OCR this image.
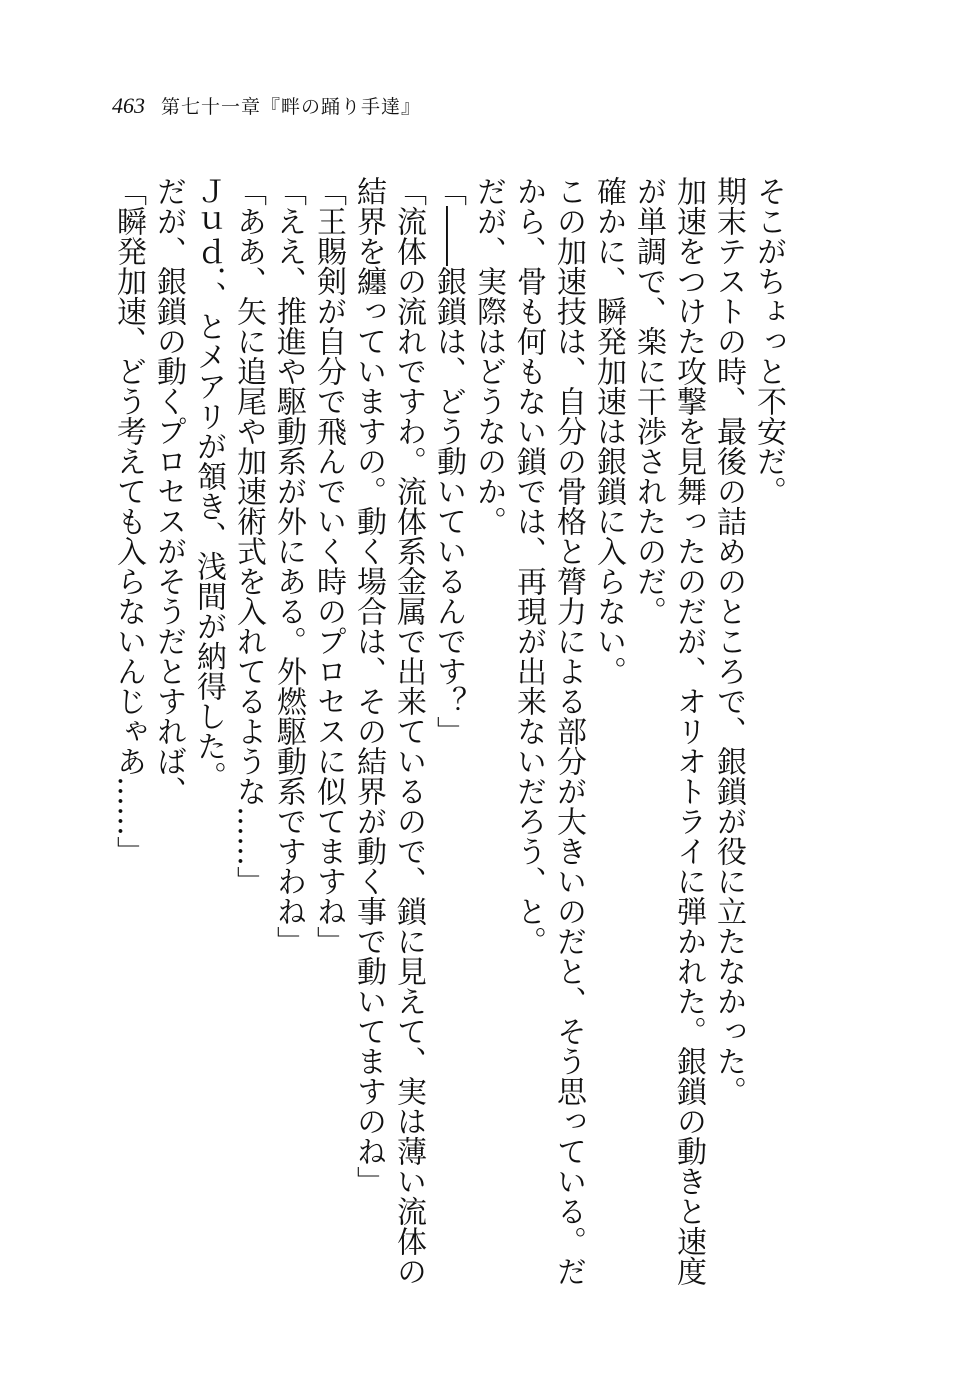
463 第七十一章『畔の踊り手達』

そこがちょっと不安だ。

期末テストの時、最後の詰めのところで、銀鎖が役に立たなかった。

加速をつけた攻撃を見舞ったのだが、オリオトライに弾かれた。銀鎖の動きと速度が単調で、楽に干渉されたのだ。

確かに、瞬発加速は銀鎖に入らない。

この加速技は、自分の骨格と膂力による部分が大きいのだと、そう思っている。だから、骨も何もない鎖では、再現が出来ないだろう、と。

だが、実際はどうなのか。

「――銀鎖は、どう動いているんです？」

「流体の流れですわ。流体系金属で出来ているので、鎖に見えて、実は薄い流体の結界を纏っていますの。動く場合は、その結界が動く事で動いてますのね」

「王賜剣が自分で飛んでいく時のプロセスに似てますね」

「ええ、推進や駆動系が外にある。外燃駆動系ですわね」

「ああ、矢に追尾や加速術式を入れてるような……」

Ｊｕｄ．、とメアリが頷き、浅間が納得した。

だが、銀鎖の動くプロセスがそうだとすれば、

「瞬発加速、どう考えても入らないんじゃあ……」
